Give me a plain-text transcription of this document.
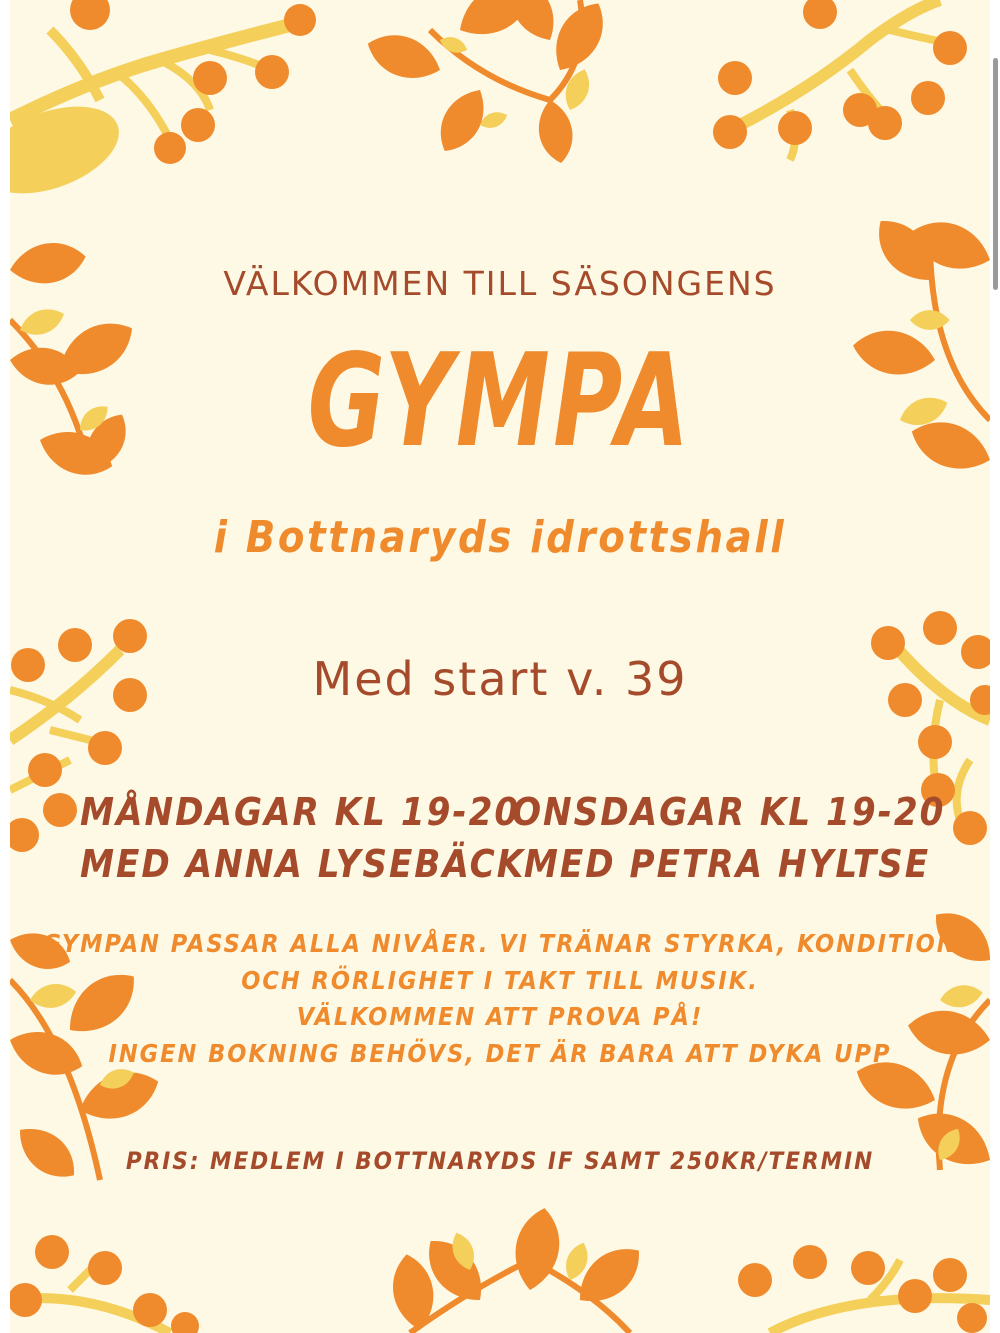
VÄLKOMMEN TILL SÄSONGENS

GYMPA

i Bottnaryds idrottshall

Med start v. 39

MÅNDAGAR KL 19-20
MED ANNA LYSEBÄCK
ONSDAGAR KL 19-20
MED PETRA HYLTSE
GYMPAN PASSAR ALLA NIVÅER. VI TRÄNAR STYRKA, KONDITION
OCH RÖRLIGHET I TAKT TILL MUSIK.
VÄLKOMMEN ATT PROVA PÅ!
INGEN BOKNING BEHÖVS, DET ÄR BARA ATT DYKA UPP

PRIS: MEDLEM I BOTTNARYDS IF SAMT 250KR/TERMIN
